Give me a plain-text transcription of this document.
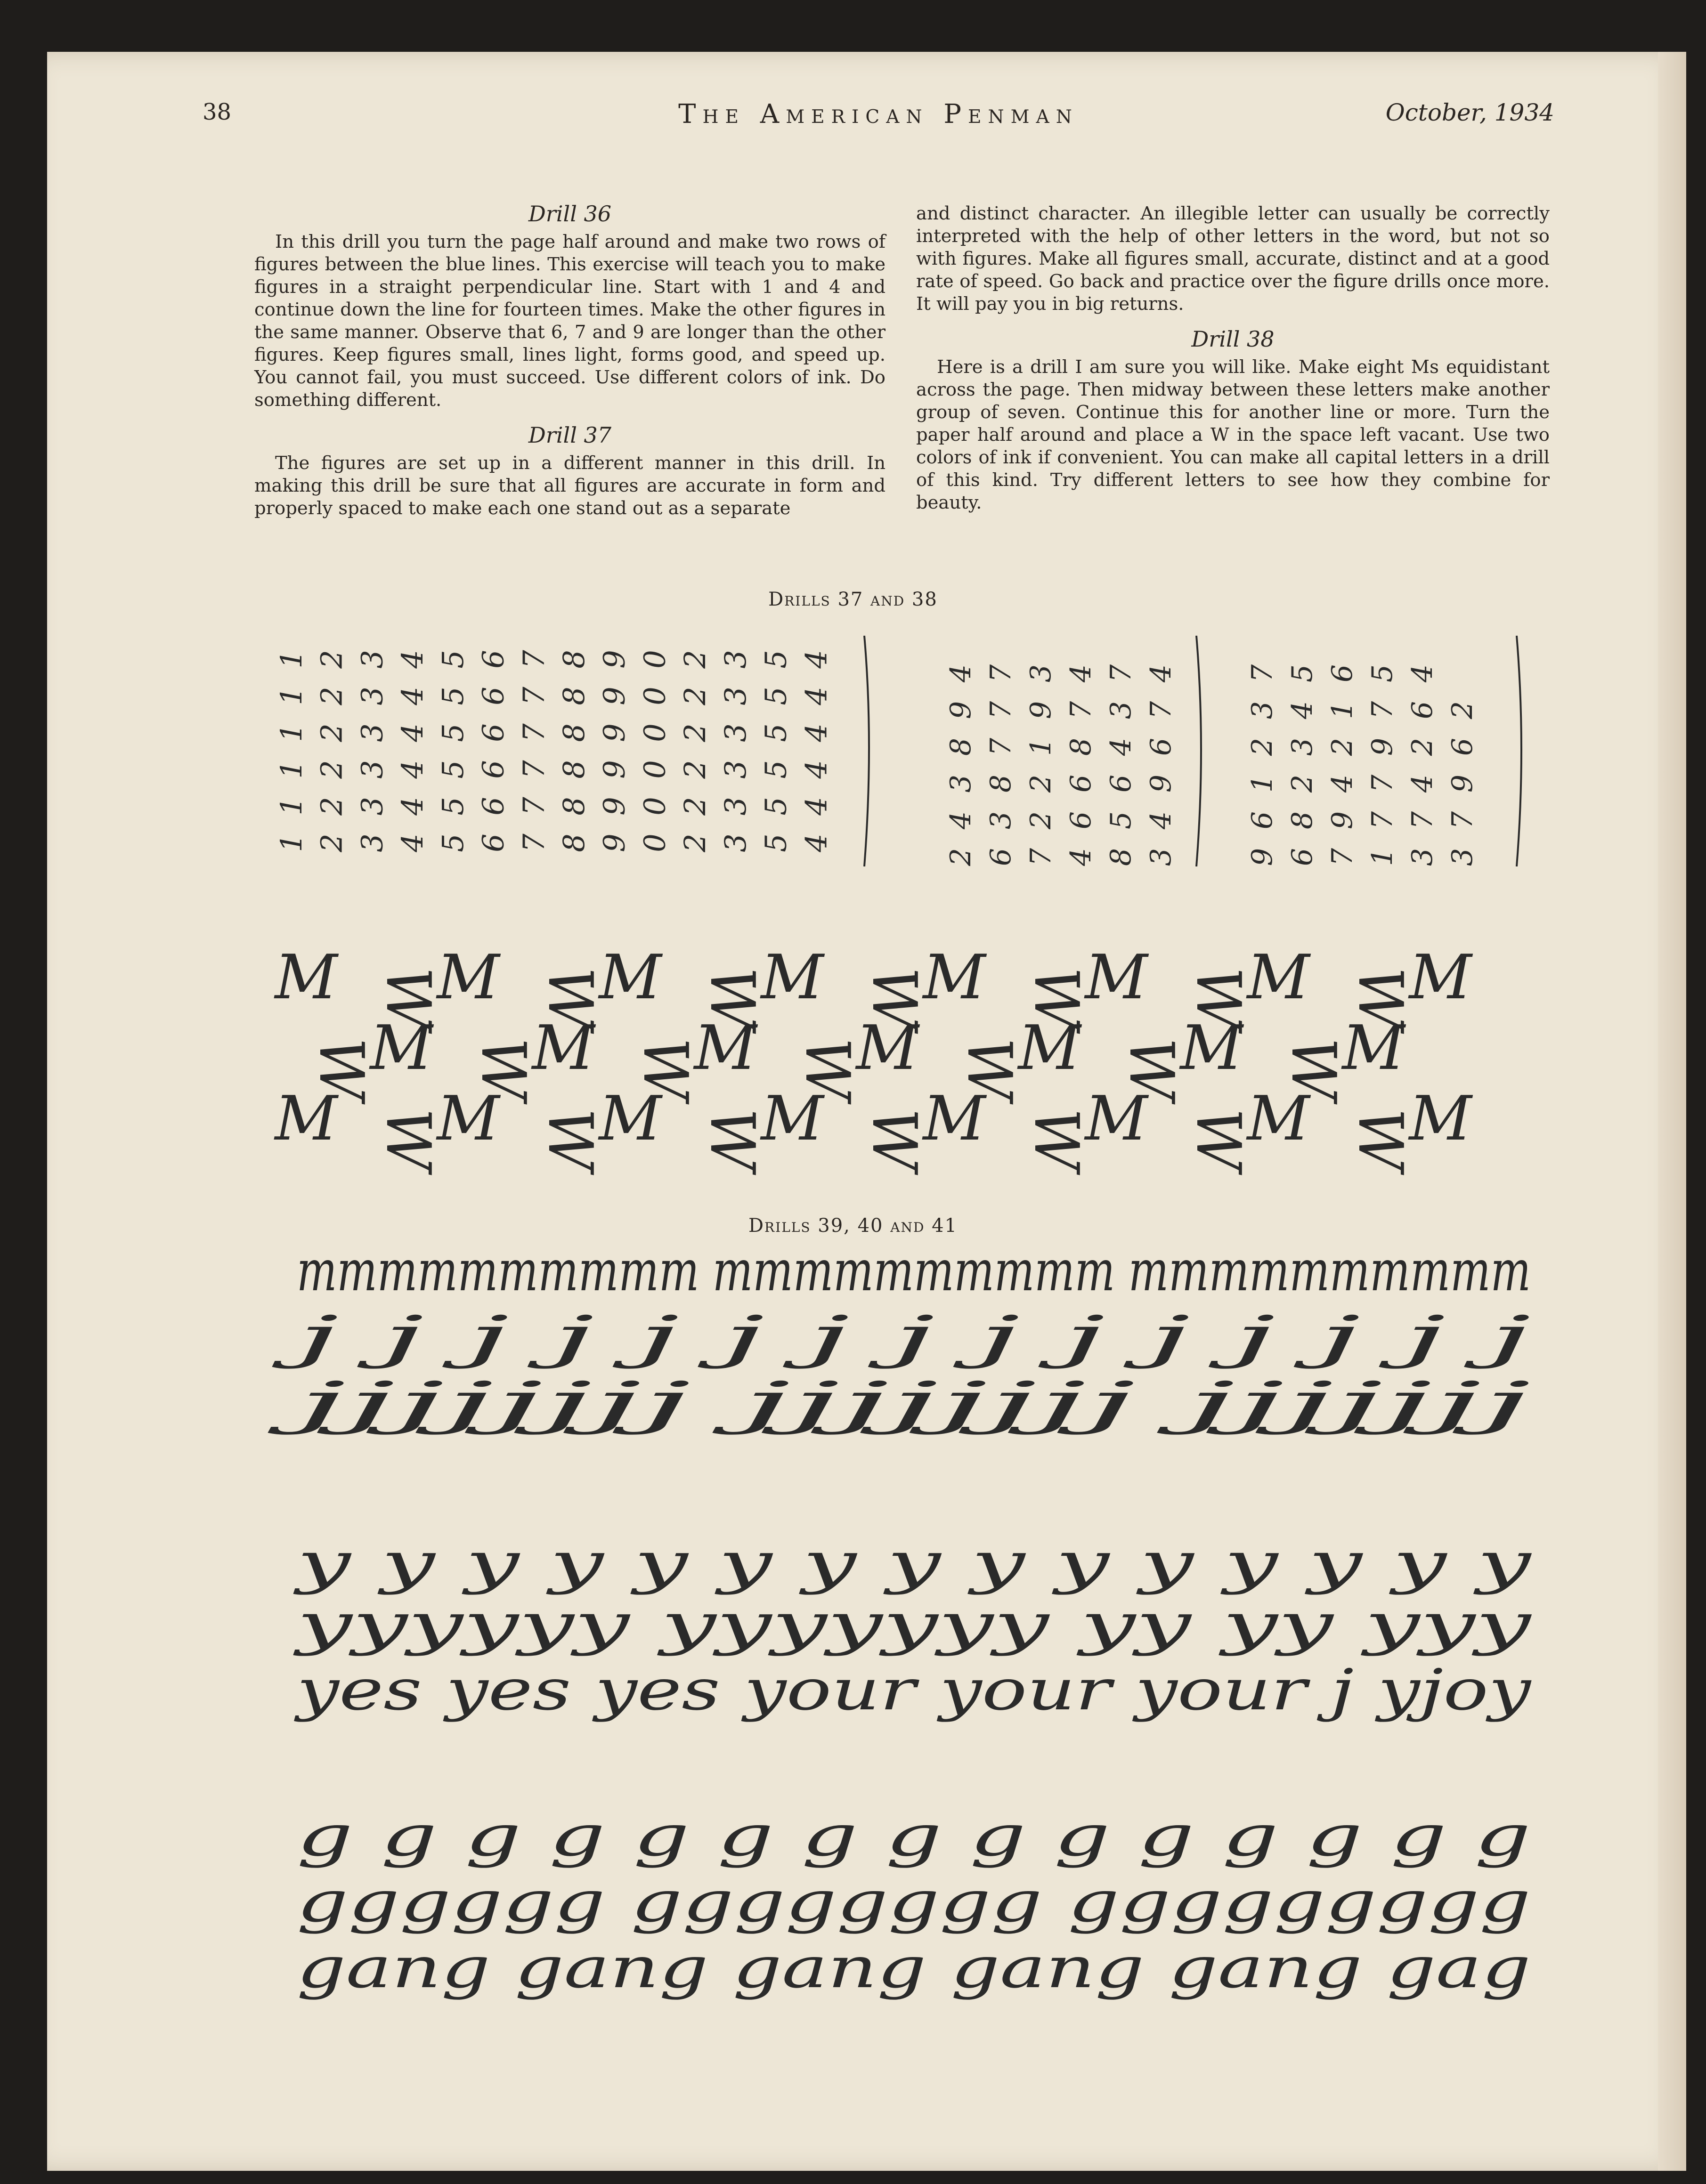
38	The American Penman	October, 1934
Drill 36

In this drill you turn the page half around and make two rows of figures between the blue lines. This exercise will teach you to make figures in a straight perpendicular line. Start with 1 and 4 and continue down the line for fourteen times. Make the other figures in the same manner. Observe that 6, 7 and 9 are longer than the other figures. Keep figures small, lines light, forms good, and speed up. You cannot fail, you must succeed. Use different colors of ink. Do something different.

Drill 37

The figures are set up in a different manner in this drill. In making this drill be sure that all figures are accurate in form and properly spaced to make each one stand out as a separate

and distinct character. An illegible letter can usually be correctly interpreted with the help of other letters in the word, but not so with figures. Make all figures small, accurate, distinct and at a good rate of speed. Go back and practice over the figure drills once more. It will pay you in big returns.

Drill 38

Here is a drill I am sure you will like. Make eight Ms equidistant across the page. Then midway between these letters make another group of seven. Continue this for another line or more. Turn the paper half around and place a W in the space left vacant. Use two colors of ink if convenient. You can make all capital letters in a drill of this kind. Try different letters to see how they combine for beauty.

Drills 37 and 38
1
1
1
1
1
1
2
2
2
2
2
2
3
3
3
3
3
3
4
4
4
4
4
4
5
5
5
5
5
5
6
6
6
6
6
6
7
7
7
7
7
7
8
8
8
8
8
8
9
9
9
9
9
9
0
0
0
0
0
0
2
2
2
2
2
2
3
3
3
3
3
3
5
5
5
5
5
5
4
4
4
4
4
4
2
4
3
8
9
4
6
3
8
7
7
7
7
2
2
1
9
3
4
6
6
8
7
4
8
5
6
4
3
7
3
4
9
6
7
4
9
6
1
2
3
7
6
8
2
3
4
5
7
9
4
2
1
6
1
7
7
9
7
5
3
7
4
2
6
4
3
7
9
6
2
M W
M W
M W
M W
M W
M W
M W
M
W
M W
M W
M W
M W
M W
M W
M
M W
M W
M W
M W
M W
M W
M W
M
Drills 39, 40 and 41
mmmmmmmmmm mmmmmmmmmm mmmmmmmmmm
j j j j j j j j j j j j j j j
jjjjjjjj jjjjjjjj jjjjjjj
y y y y y y y y y y y y y y y
yyyyyy yyyyyyy yy yy yyy
yes yes yes your your your j yjoy
g g g g g g g g g g g g g g g
gggggg gggggggg ggggggggg
gang gang gang gang gang gag
